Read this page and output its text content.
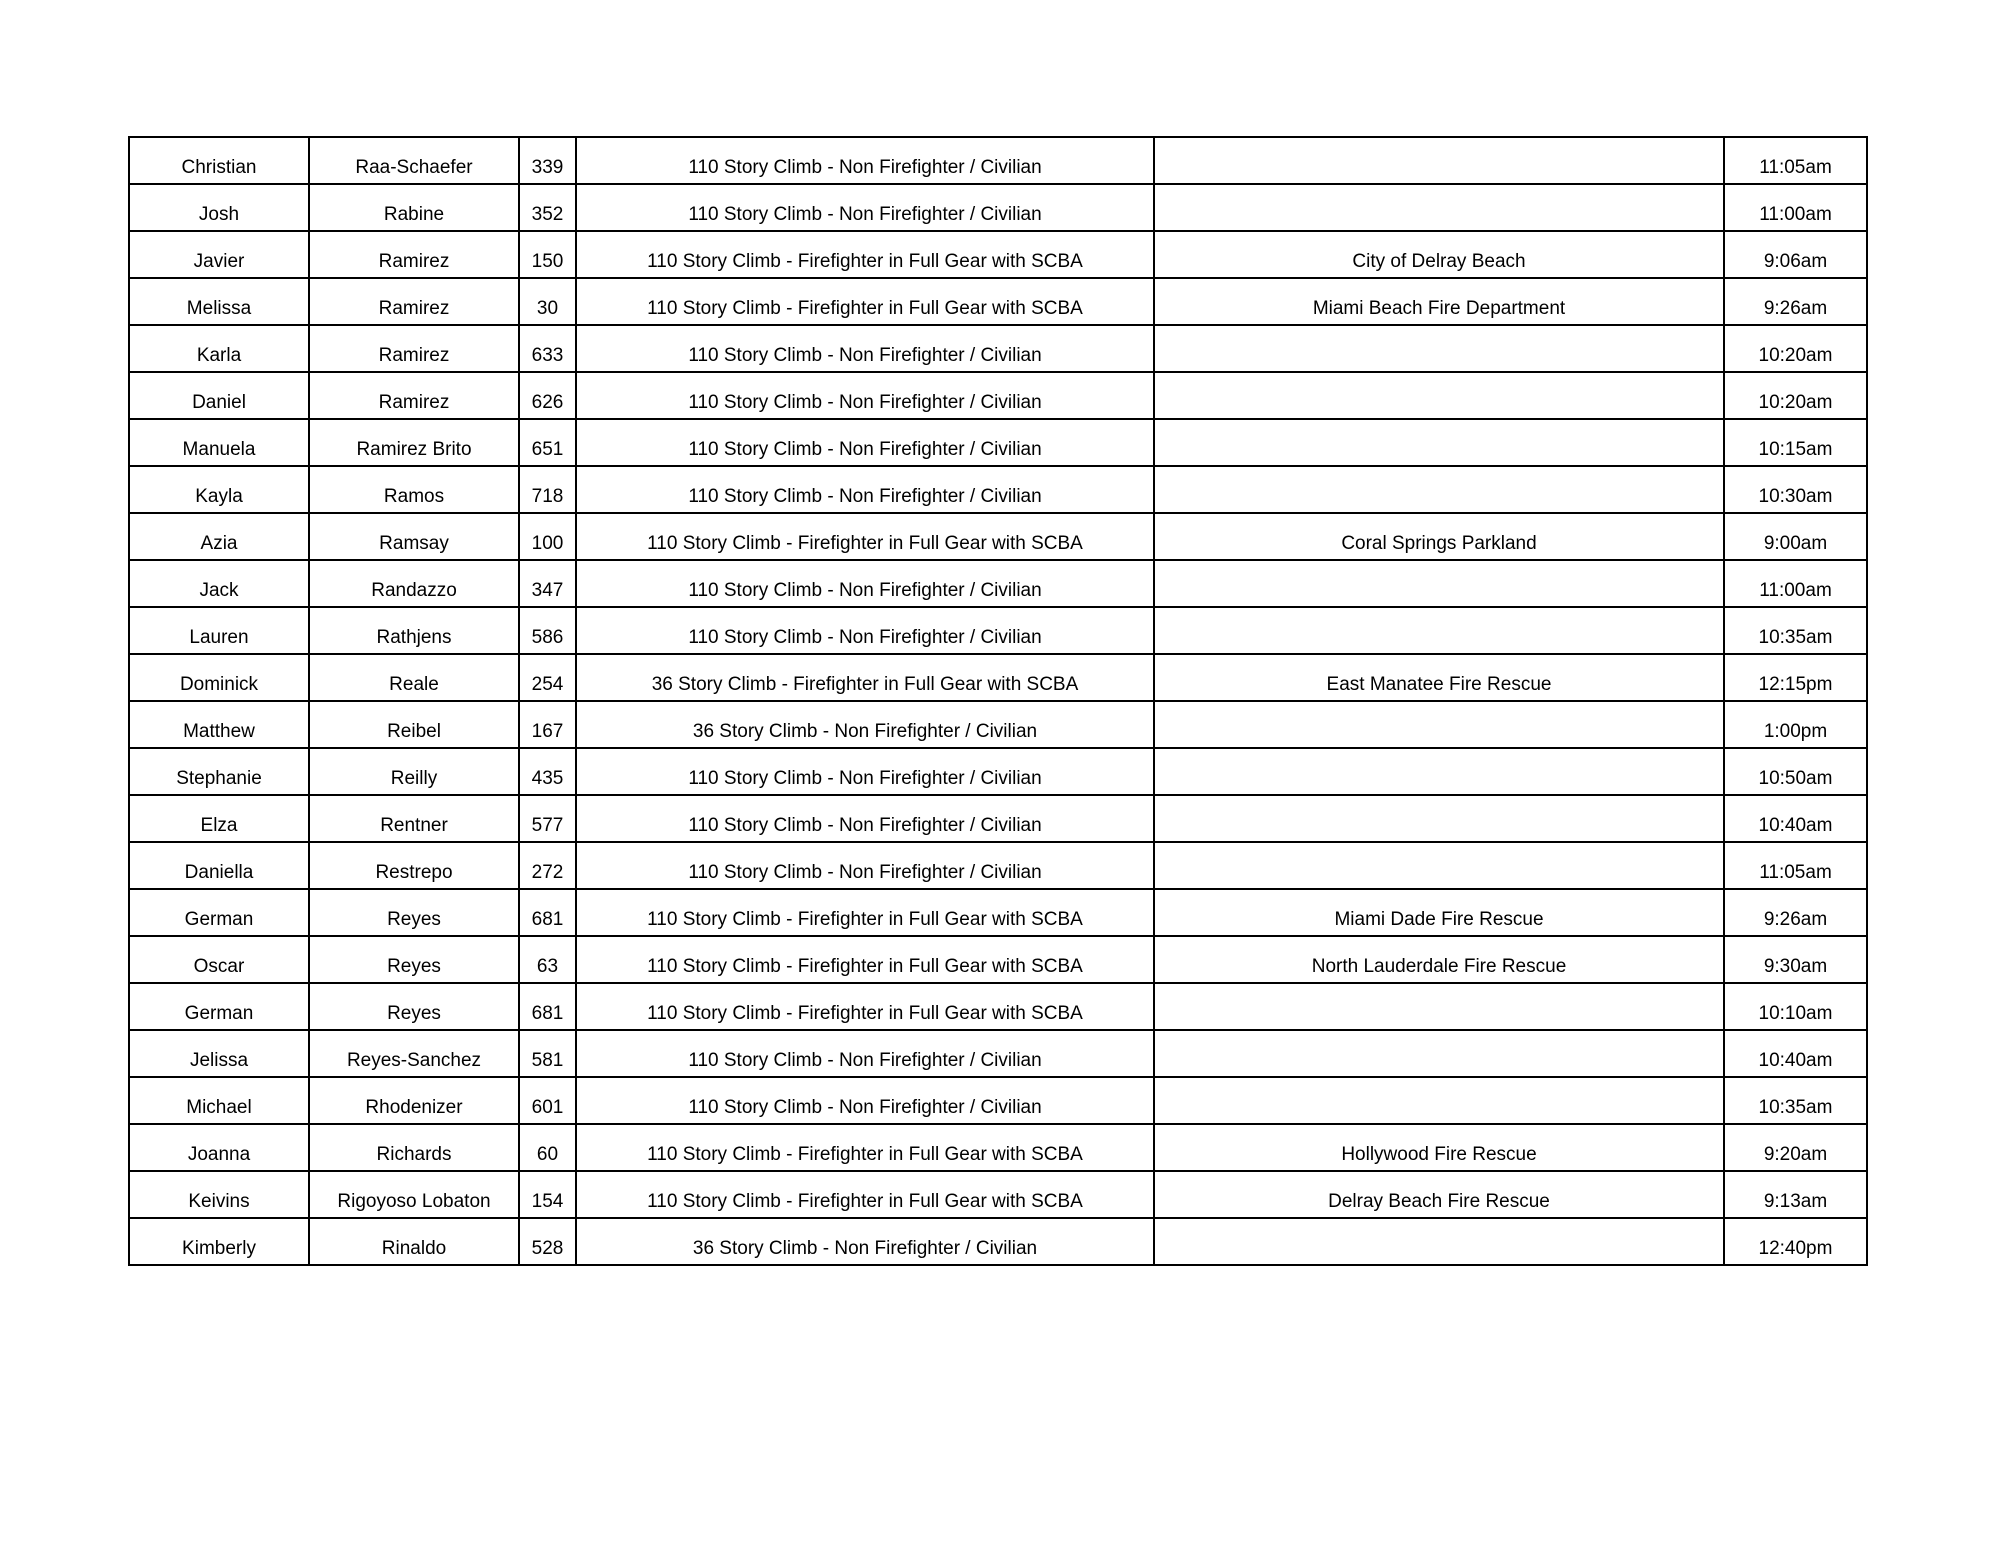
Christian	Raa-Schaefer	339	110 Story Climb - Non Firefighter / Civilian		11:05am
Josh	Rabine	352	110 Story Climb - Non Firefighter / Civilian		11:00am
Javier	Ramirez	150	110 Story Climb - Firefighter in Full Gear with SCBA	City of Delray Beach	9:06am
Melissa	Ramirez	30	110 Story Climb - Firefighter in Full Gear with SCBA	Miami Beach Fire Department	9:26am
Karla	Ramirez	633	110 Story Climb - Non Firefighter / Civilian		10:20am
Daniel	Ramirez	626	110 Story Climb - Non Firefighter / Civilian		10:20am
Manuela	Ramirez Brito	651	110 Story Climb - Non Firefighter / Civilian		10:15am
Kayla	Ramos	718	110 Story Climb - Non Firefighter / Civilian		10:30am
Azia	Ramsay	100	110 Story Climb - Firefighter in Full Gear with SCBA	Coral Springs Parkland	9:00am
Jack	Randazzo	347	110 Story Climb - Non Firefighter / Civilian		11:00am
Lauren	Rathjens	586	110 Story Climb - Non Firefighter / Civilian		10:35am
Dominick	Reale	254	36 Story Climb - Firefighter in Full Gear with SCBA	East Manatee Fire Rescue	12:15pm
Matthew	Reibel	167	36 Story Climb - Non Firefighter / Civilian		1:00pm
Stephanie	Reilly	435	110 Story Climb - Non Firefighter / Civilian		10:50am
Elza	Rentner	577	110 Story Climb - Non Firefighter / Civilian		10:40am
Daniella	Restrepo	272	110 Story Climb - Non Firefighter / Civilian		11:05am
German	Reyes	681	110 Story Climb - Firefighter in Full Gear with SCBA	Miami Dade Fire Rescue	9:26am
Oscar	Reyes	63	110 Story Climb - Firefighter in Full Gear with SCBA	North Lauderdale Fire Rescue	9:30am
German	Reyes	681	110 Story Climb - Firefighter in Full Gear with SCBA		10:10am
Jelissa	Reyes-Sanchez	581	110 Story Climb - Non Firefighter / Civilian		10:40am
Michael	Rhodenizer	601	110 Story Climb - Non Firefighter / Civilian		10:35am
Joanna	Richards	60	110 Story Climb - Firefighter in Full Gear with SCBA	Hollywood Fire Rescue	9:20am
Keivins	Rigoyoso Lobaton	154	110 Story Climb - Firefighter in Full Gear with SCBA	Delray Beach Fire Rescue	9:13am
Kimberly	Rinaldo	528	36 Story Climb - Non Firefighter / Civilian		12:40pm
